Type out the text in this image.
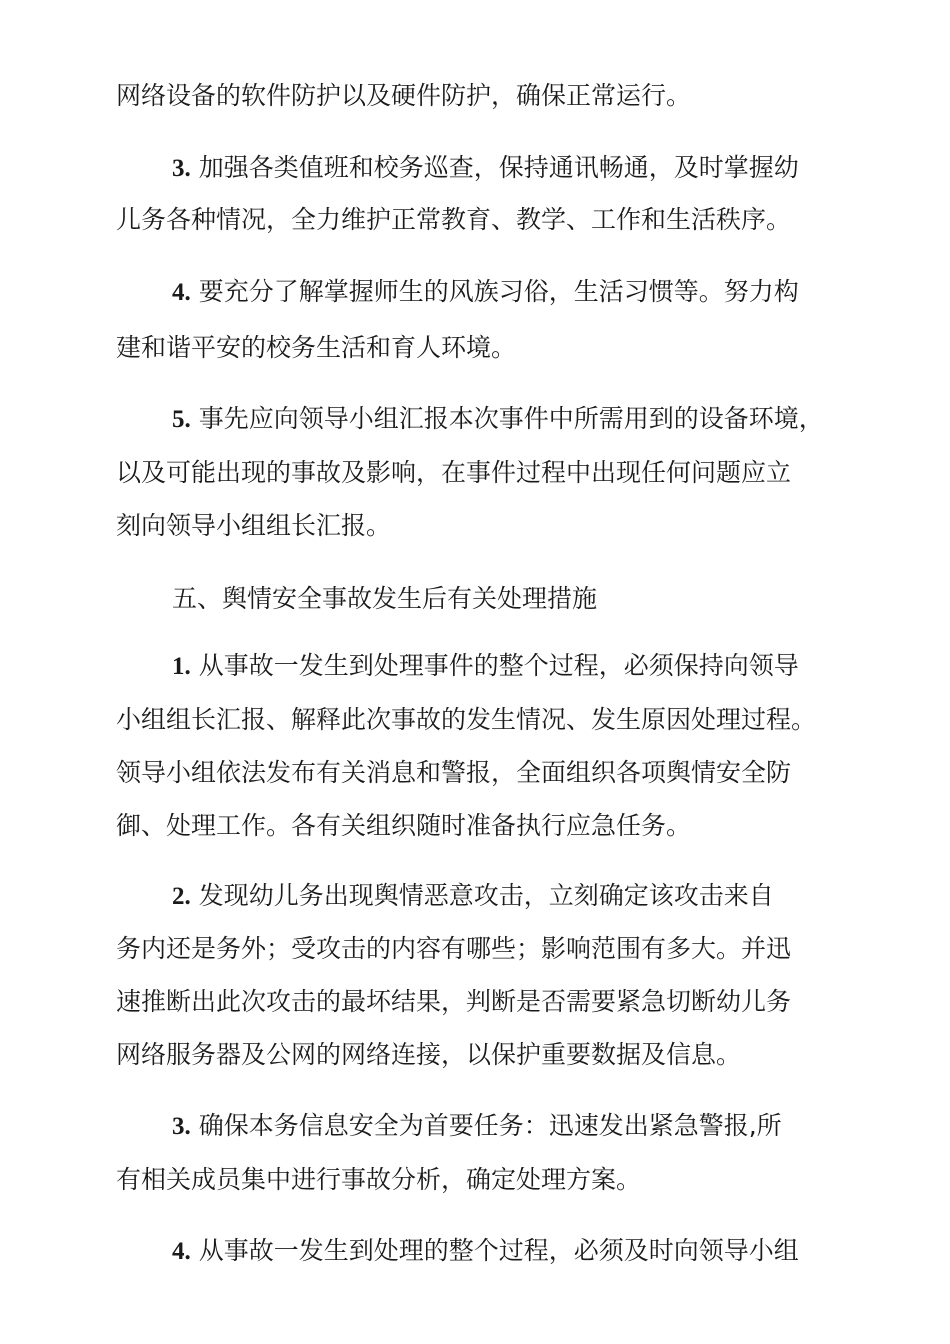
网络设备的软件防护以及硬件防护，确保正常运行。
3. 加强各类值班和校务巡查，保持通讯畅通，及时掌握幼
儿务各种情况，全力维护正常教育、教学、工作和生活秩序。
4. 要充分了解掌握师生的风族习俗，生活习惯等。努力构
建和谐平安的校务生活和育人环境。
5. 事先应向领导小组汇报本次事件中所需用到的设备环境，
以及可能出现的事故及影响，在事件过程中出现任何问题应立
刻向领导小组组长汇报。
五、舆情安全事故发生后有关处理措施
1. 从事故一发生到处理事件的整个过程，必须保持向领导
小组组长汇报、解释此次事故的发生情况、发生原因处理过程。
领导小组依法发布有关消息和警报，全面组织各项舆情安全防
御、处理工作。各有关组织随时准备执行应急任务。
2. 发现幼儿务出现舆情恶意攻击，立刻确定该攻击来自
务内还是务外；受攻击的内容有哪些；影响范围有多大。并迅
速推断出此次攻击的最坏结果，判断是否需要紧急切断幼儿务
网络服务器及公网的网络连接，以保护重要数据及信息。
3. 确保本务信息安全为首要任务：迅速发出紧急警报,所
有相关成员集中进行事故分析，确定处理方案。
4. 从事故一发生到处理的整个过程，必须及时向领导小组
